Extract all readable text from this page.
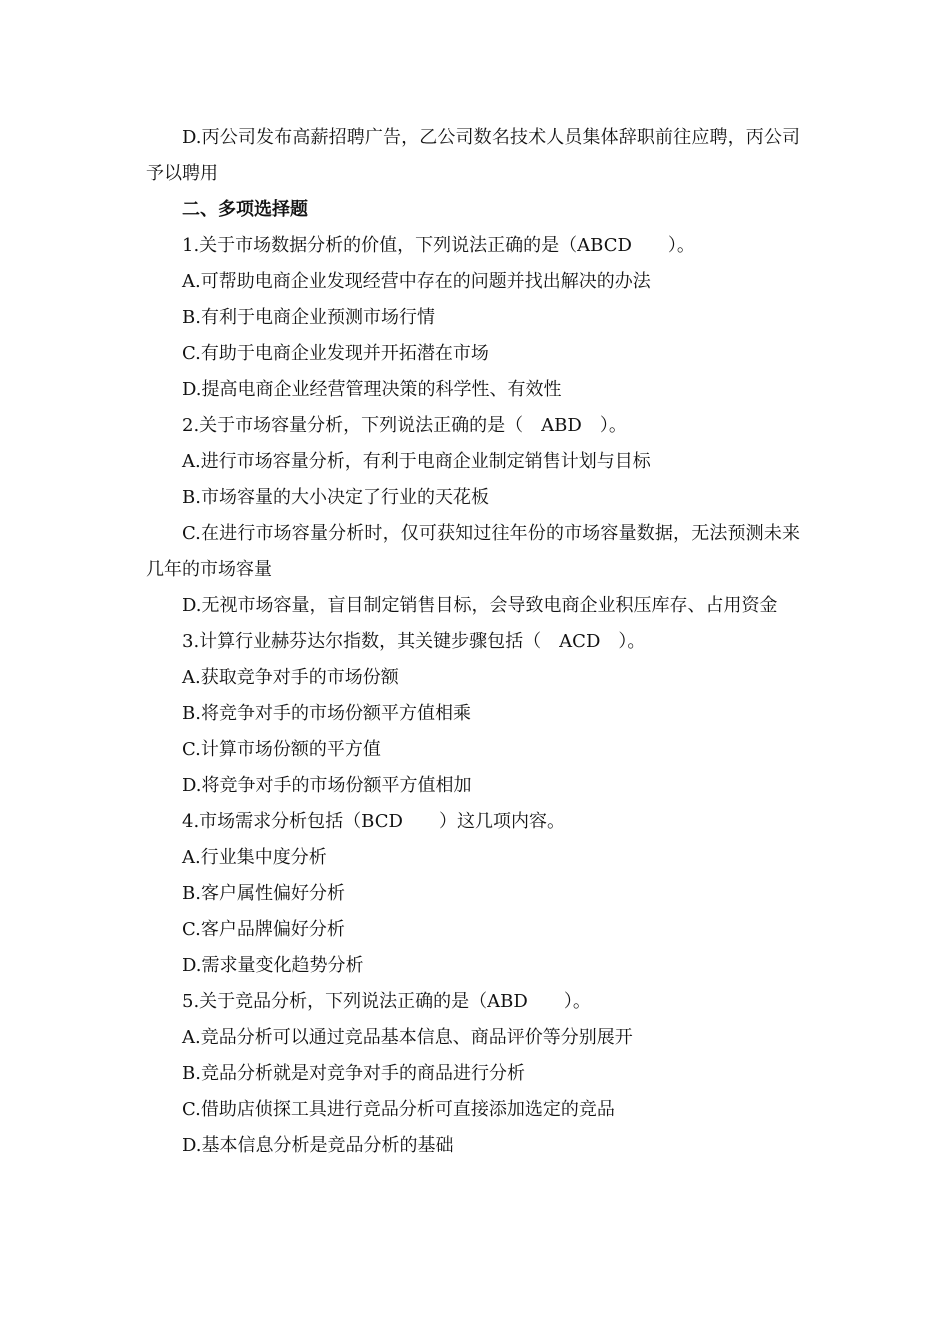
D.丙公司发布高薪招聘广告，乙公司数名技术人员集体辞职前往应聘，丙公司予以聘用
二、多项选择题
1.关于市场数据分析的价值，下列说法正确的是（ABCD　　）。
A.可帮助电商企业发现经营中存在的问题并找出解决的办法
B.有利于电商企业预测市场行情
C.有助于电商企业发现并开拓潜在市场
D.提高电商企业经营管理决策的科学性、有效性
2.关于市场容量分析，下列说法正确的是（　ABD　）。
A.进行市场容量分析，有利于电商企业制定销售计划与目标
B.市场容量的大小决定了行业的天花板
C.在进行市场容量分析时，仅可获知过往年份的市场容量数据，无法预测未来几年的市场容量
D.无视市场容量，盲目制定销售目标，会导致电商企业积压库存、占用资金
3.计算行业赫芬达尔指数，其关键步骤包括（　ACD　）。
A.获取竞争对手的市场份额
B.将竞争对手的市场份额平方值相乘
C.计算市场份额的平方值
D.将竞争对手的市场份额平方值相加
4.市场需求分析包括（BCD　　）这几项内容。
A.行业集中度分析
B.客户属性偏好分析
C.客户品牌偏好分析
D.需求量变化趋势分析
5.关于竞品分析，下列说法正确的是（ABD　　）。
A.竞品分析可以通过竞品基本信息、商品评价等分别展开
B.竞品分析就是对竞争对手的商品进行分析
C.借助店侦探工具进行竞品分析可直接添加选定的竞品
D.基本信息分析是竞品分析的基础
